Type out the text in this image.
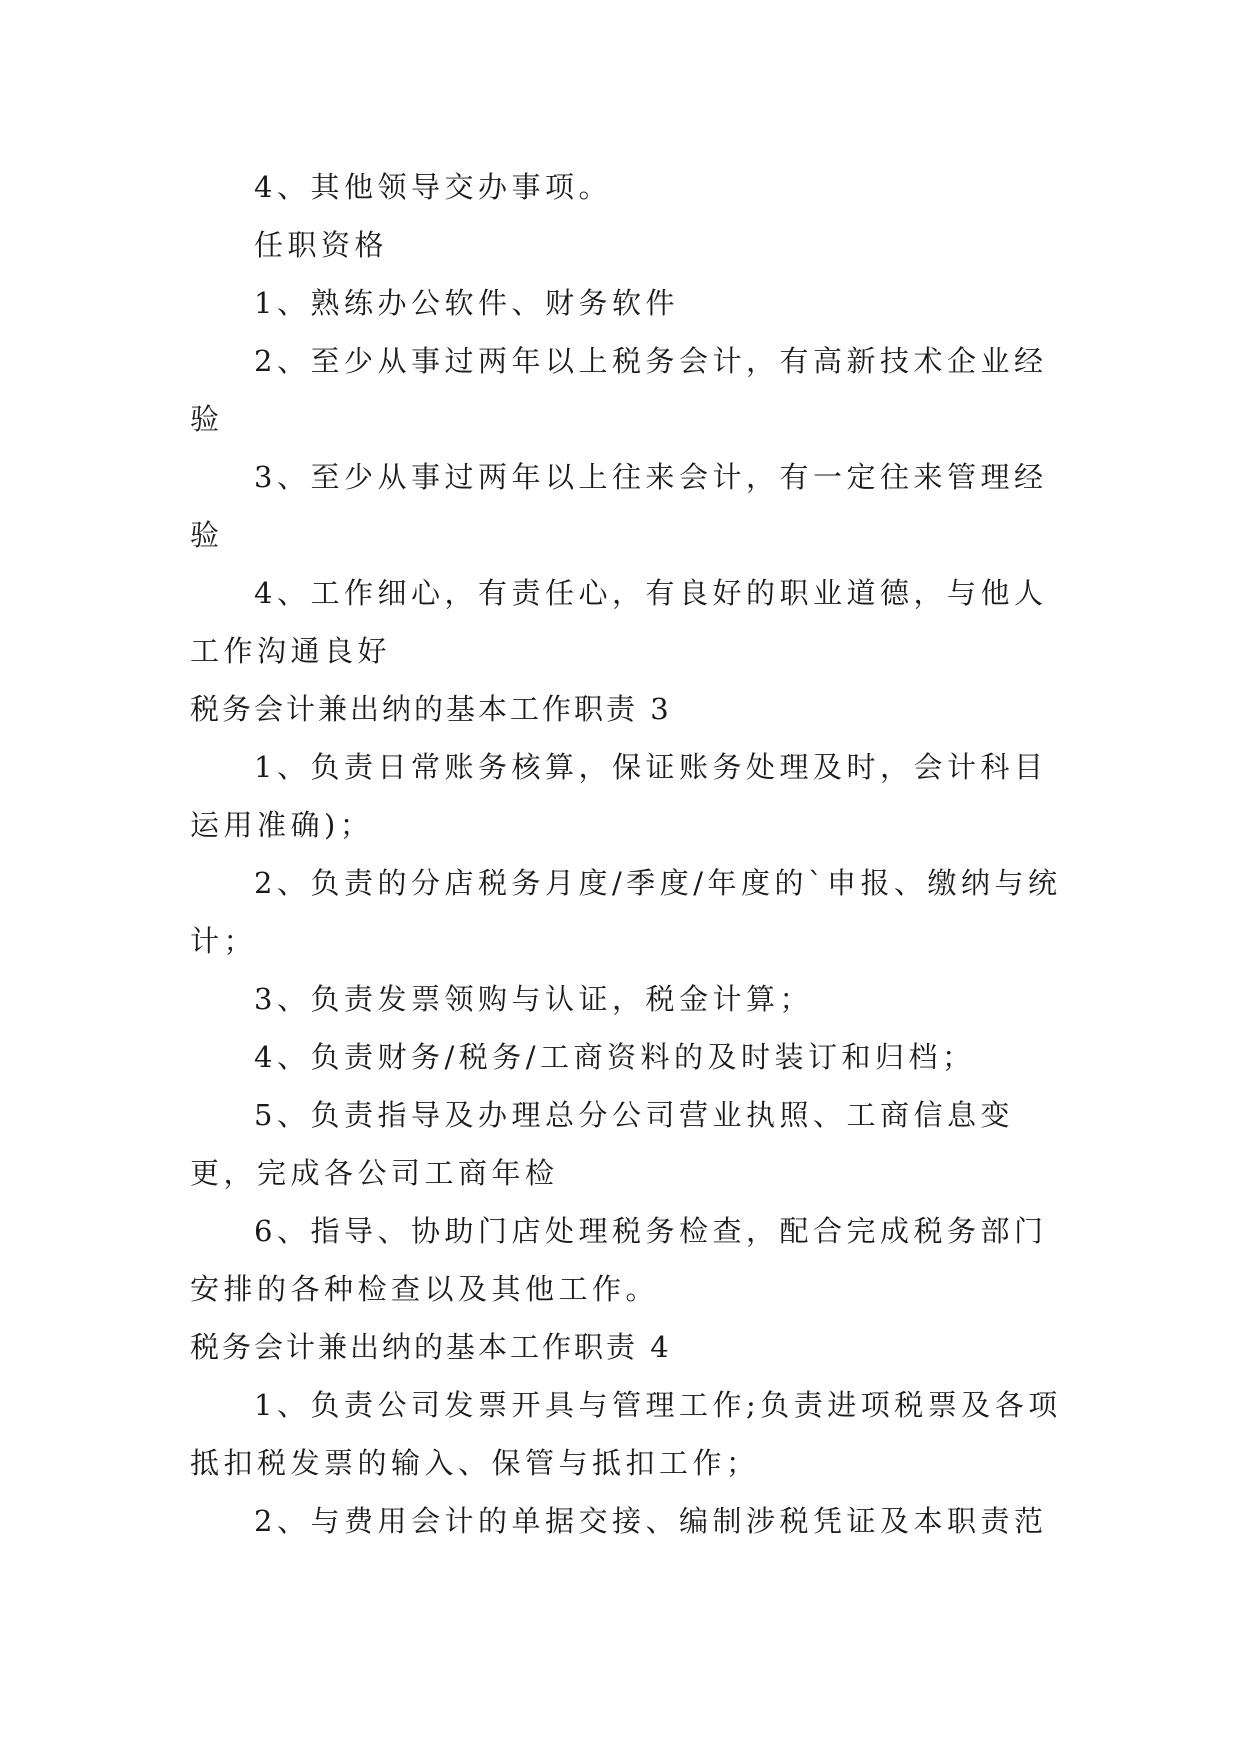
4、其他领导交办事项。

任职资格

1、熟练办公软件、财务软件

2、至少从事过两年以上税务会计，有高新技术企业经验

3、至少从事过两年以上往来会计，有一定往来管理经验

4、工作细心，有责任心，有良好的职业道德，与他人工作沟通良好

税务会计兼出纳的基本工作职责 3

1、负责日常账务核算，保证账务处理及时，会计科目运用准确)；

2、负责的分店税务月度/季度/年度的`申报、缴纳与统计；

3、负责发票领购与认证，税金计算；

4、负责财务/税务/工商资料的及时装订和归档；

5、负责指导及办理总分公司营业执照、工商信息变更，完成各公司工商年检

6、指导、协助门店处理税务检查，配合完成税务部门安排的各种检查以及其他工作。

税务会计兼出纳的基本工作职责 4

1、负责公司发票开具与管理工作;负责进项税票及各项抵扣税发票的输入、保管与抵扣工作；

2、与费用会计的单据交接、编制涉税凭证及本职责范
